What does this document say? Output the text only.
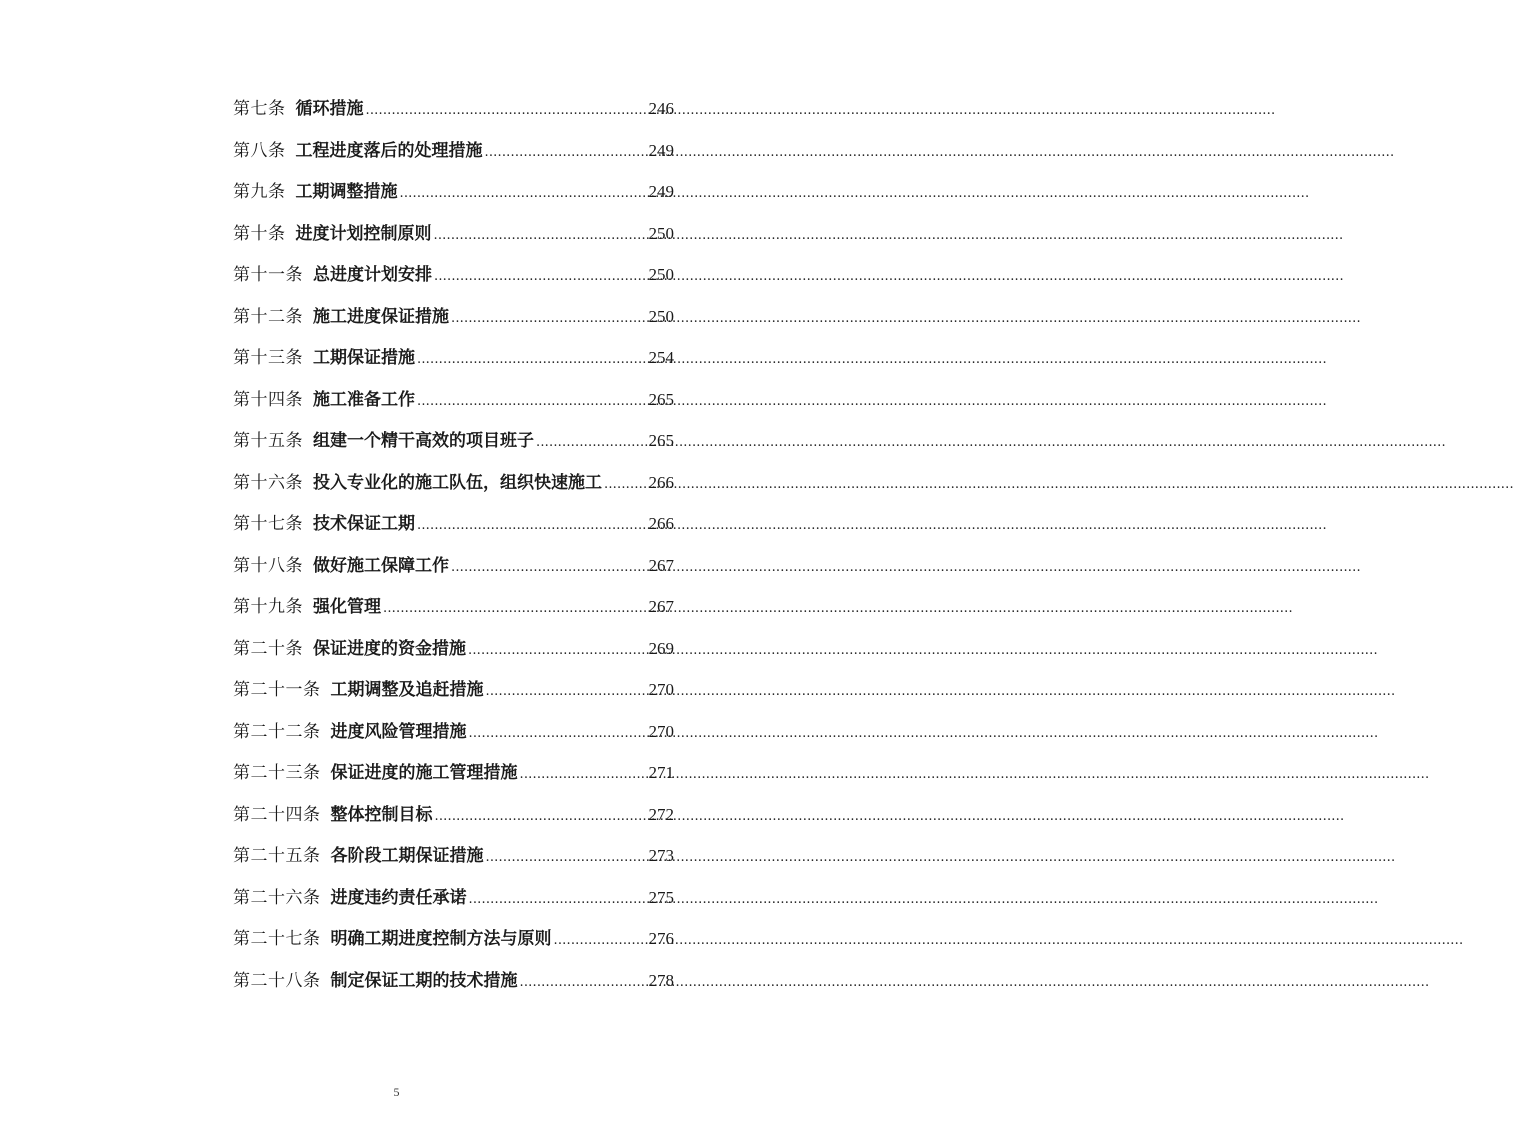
第七条 循环措施 .....	246
第八条 工程进度落后的处理措施 .....	249
第九条 工期调整措施 .....	249
第十条 进度计划控制原则 .....	250
第十一条 总进度计划安排 .....	250
第十二条 施工进度保证措施 .....	250
第十三条 工期保证措施 .....	254
第十四条 施工准备工作 .....	265
第十五条 组建一个精干高效的项目班子 .....	265
第十六条 投入专业化的施工队伍，组织快速施工 .....	266
第十七条 技术保证工期 .....	266
第十八条 做好施工保障工作 .....	267
第十九条 强化管理 .....	267
第二十条 保证进度的资金措施 .....	269
第二十一条 工期调整及追赶措施 .....	270
第二十二条 进度风险管理措施 .....	270
第二十三条 保证进度的施工管理措施 .....	271
第二十四条 整体控制目标 .....	272
第二十五条 各阶段工期保证措施 .....	273
第二十六条 进度违约责任承诺 .....	275
第二十七条 明确工期进度控制方法与原则 .....	276
第二十八条 制定保证工期的技术措施 .....	278
5
